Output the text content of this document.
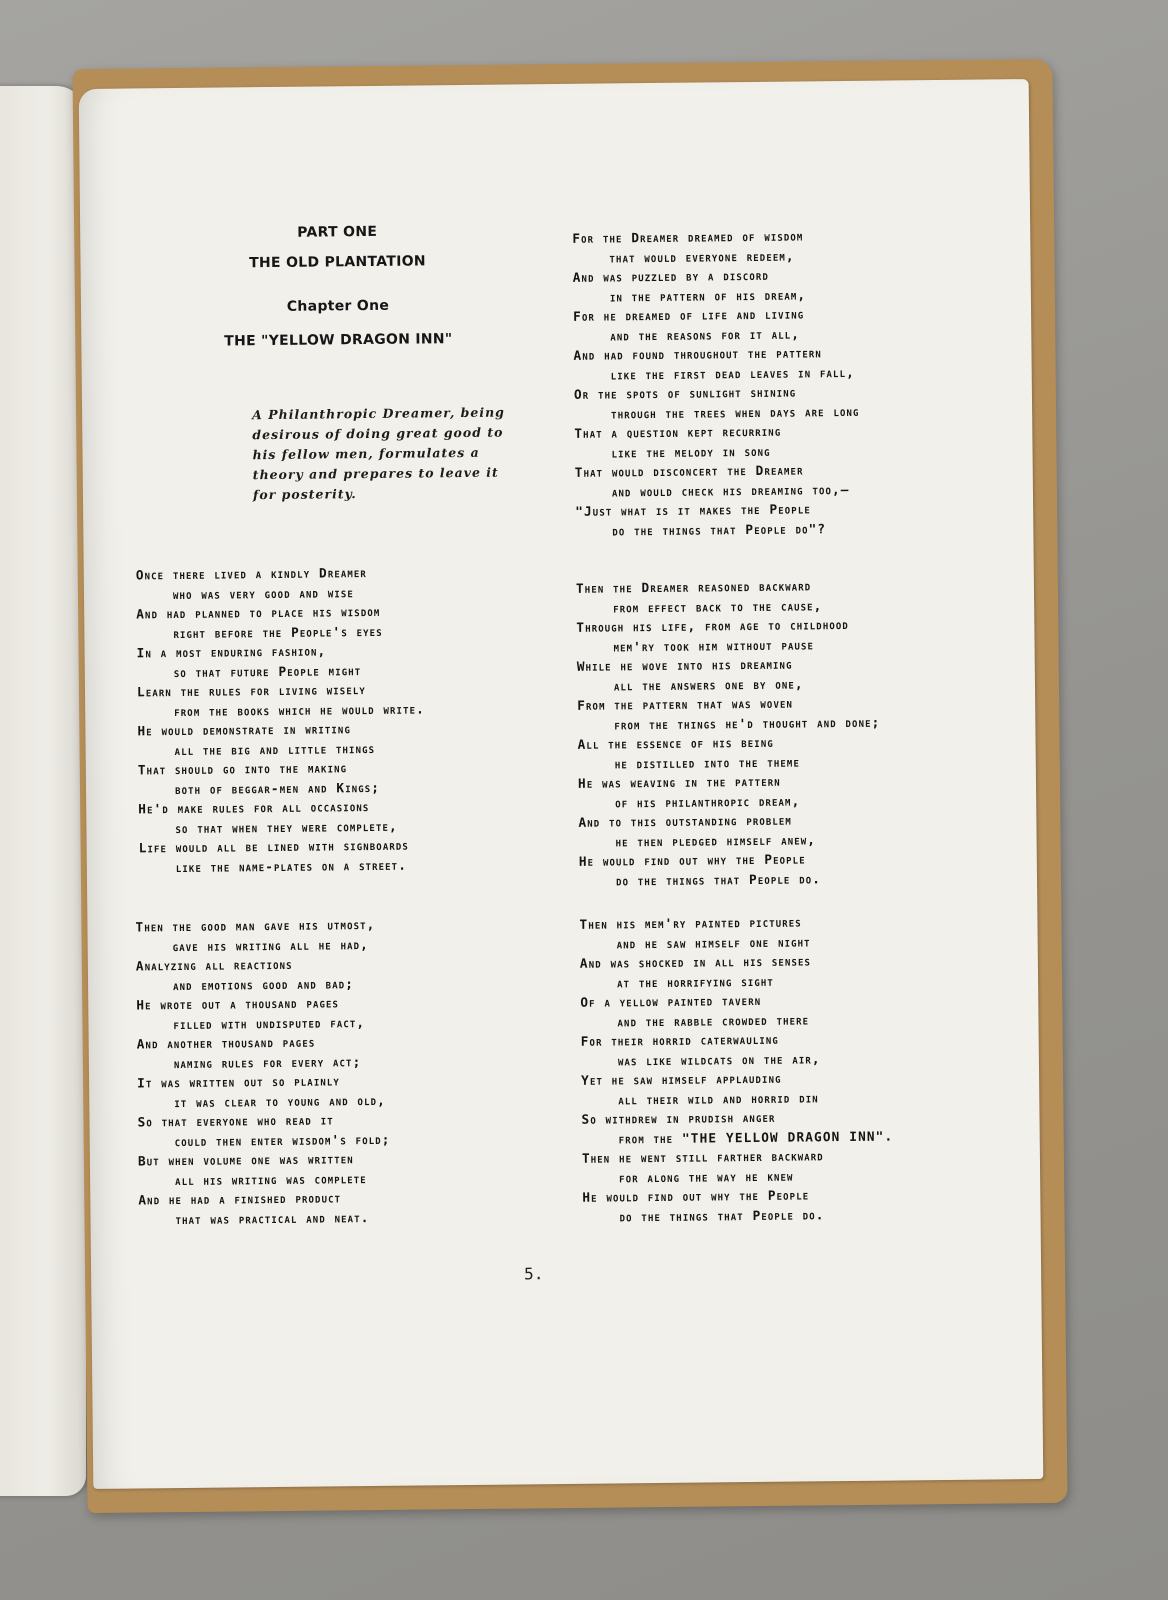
PART ONE
THE OLD PLANTATION
Chapter One
THE "YELLOW DRAGON INN"
A Philanthropic Dreamer, being
desirous of doing great good to
his fellow men, formulates a
theory and prepares to leave it
for posterity.
Once there lived a kindly Dreamer
who was very good and wise
And had planned to place his wisdom
right before the People's eyes
In a most enduring fashion,
so that future People might
Learn the rules for living wisely
from the books which he would write.
He would demonstrate in writing
all the big and little things
That should go into the making
both of beggar-men and Kings;
He'd make rules for all occasions
so that when they were complete,
Life would all be lined with signboards
like the name-plates on a street.
Then the good man gave his utmost,
gave his writing all he had,
Analyzing all reactions
and emotions good and bad;
He wrote out a thousand pages
filled with undisputed fact,
And another thousand pages
naming rules for every act;
It was written out so plainly
it was clear to young and old,
So that everyone who read it
could then enter wisdom's fold;
But when volume one was written
all his writing was complete
And he had a finished product
that was practical and neat.
For the Dreamer dreamed of wisdom
that would everyone redeem,
And was puzzled by a discord
in the pattern of his dream,
For he dreamed of life and living
and the reasons for it all,
And had found throughout the pattern
like the first dead leaves in fall,
Or the spots of sunlight shining
through the trees when days are long
That a question kept recurring
like the melody in song
That would disconcert the Dreamer
and would check his dreaming too,—
"Just what is it makes the People
do the things that People do"?
Then the Dreamer reasoned backward
from effect back to the cause,
Through his life, from age to childhood
mem'ry took him without pause
While he wove into his dreaming
all the answers one by one,
From the pattern that was woven
from the things he'd thought and done;
All the essence of his being
he distilled into the theme
He was weaving in the pattern
of his philanthropic dream,
And to this outstanding problem
he then pledged himself anew,
He would find out why the People
do the things that People do.
Then his mem'ry painted pictures
and he saw himself one night
And was shocked in all his senses
at the horrifying sight
Of a yellow painted tavern
and the rabble crowded there
For their horrid caterwauling
was like wildcats on the air,
Yet he saw himself applauding
all their wild and horrid din
So withdrew in prudish anger
from the "THE YELLOW DRAGON INN".
Then he went still farther backward
for along the way he knew
He would find out why the People
do the things that People do.
5.
